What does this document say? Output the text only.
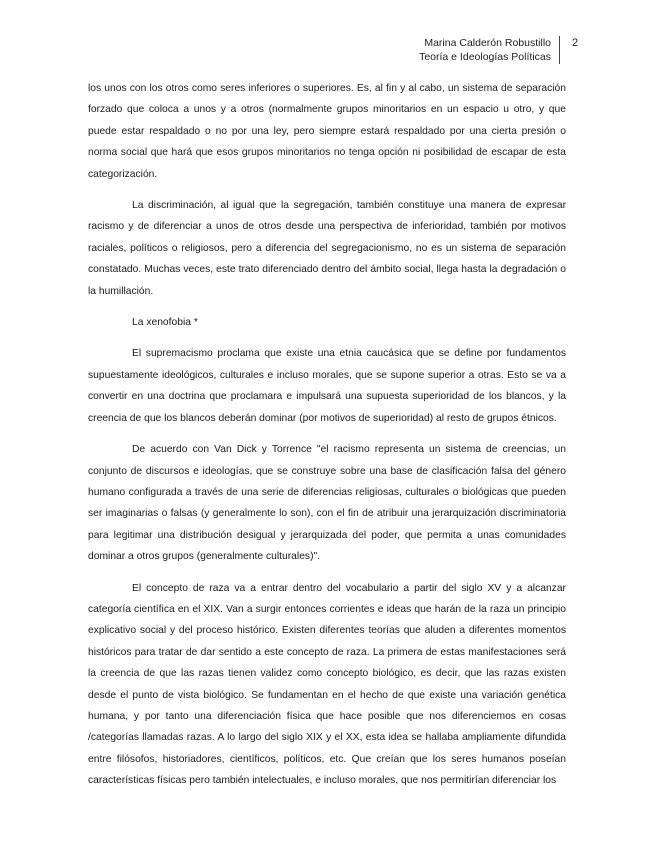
Marina Calderón Robustillo
Teoría e Ideologías Políticas
2

los unos con los otros como seres inferiores o superiores. Es, al fin y al cabo, un sistema de separación forzado que coloca a unos y a otros (normalmente grupos minoritarios en un espacio u otro, y que puede estar respaldado o no por una ley, pero siempre estará respaldado por una cierta presión o norma social que hará que esos grupos minoritarios no tenga opción ni posibilidad de escapar de esta categorización.

La discriminación, al igual que la segregación, también constituye una manera de expresar racismo y de diferenciar a unos de otros desde una perspectiva de inferioridad, también por motivos raciales, políticos o religiosos, pero a diferencia del segregacionismo, no es un sistema de separación constatado. Muchas veces, este trato diferenciado dentro del ámbito social, llega hasta la degradación o la humillación.

La xenofobia *

El supremacismo proclama que existe una etnia caucásica que se define por fundamentos supuestamente ideológicos, culturales e incluso morales, que se supone superior a otras. Esto se va a convertir en una doctrina que proclamara e impulsará una supuesta superioridad de los blancos, y la creencia de que los blancos deberán dominar (por motivos de superioridad) al resto de grupos étnicos.

De acuerdo con Van Dick y Torrence "el racismo representa un sistema de creencias, un conjunto de discursos e ideologías, que se construye sobre una base de clasificación falsa del género humano configurada a través de una serie de diferencias religiosas, culturales o biológicas que pueden ser imaginarias o falsas (y generalmente lo son), con el fin de atribuir una jerarquización discriminatoria para legitimar una distribución desigual y jerarquizada del poder, que permita a unas comunidades dominar a otros grupos (generalmente culturales)".

El concepto de raza va a entrar dentro del vocabulario a partir del siglo XV y a alcanzar categoría científica en el XIX. Van a surgir entonces corrientes e ideas que harán de la raza un principio explicativo social y del proceso histórico. Existen diferentes teorías que aluden a diferentes momentos históricos para tratar de dar sentido a este concepto de raza. La primera de estas manifestaciones será la creencia de que las razas tienen validez como concepto biológico, es decir, que las razas existen desde el punto de vista biológico. Se fundamentan en el hecho de que existe una variación genética humana, y por tanto una diferenciación física que hace posible que nos diferenciemos en cosas /categorías llamadas razas. A lo largo del siglo XIX y el XX, esta idea se hallaba ampliamente difundida entre filósofos, historiadores, científicos, políticos, etc. Que creían que los seres humanos poseían características físicas pero también intelectuales, e incluso morales, que nos permitirían diferenciar los
